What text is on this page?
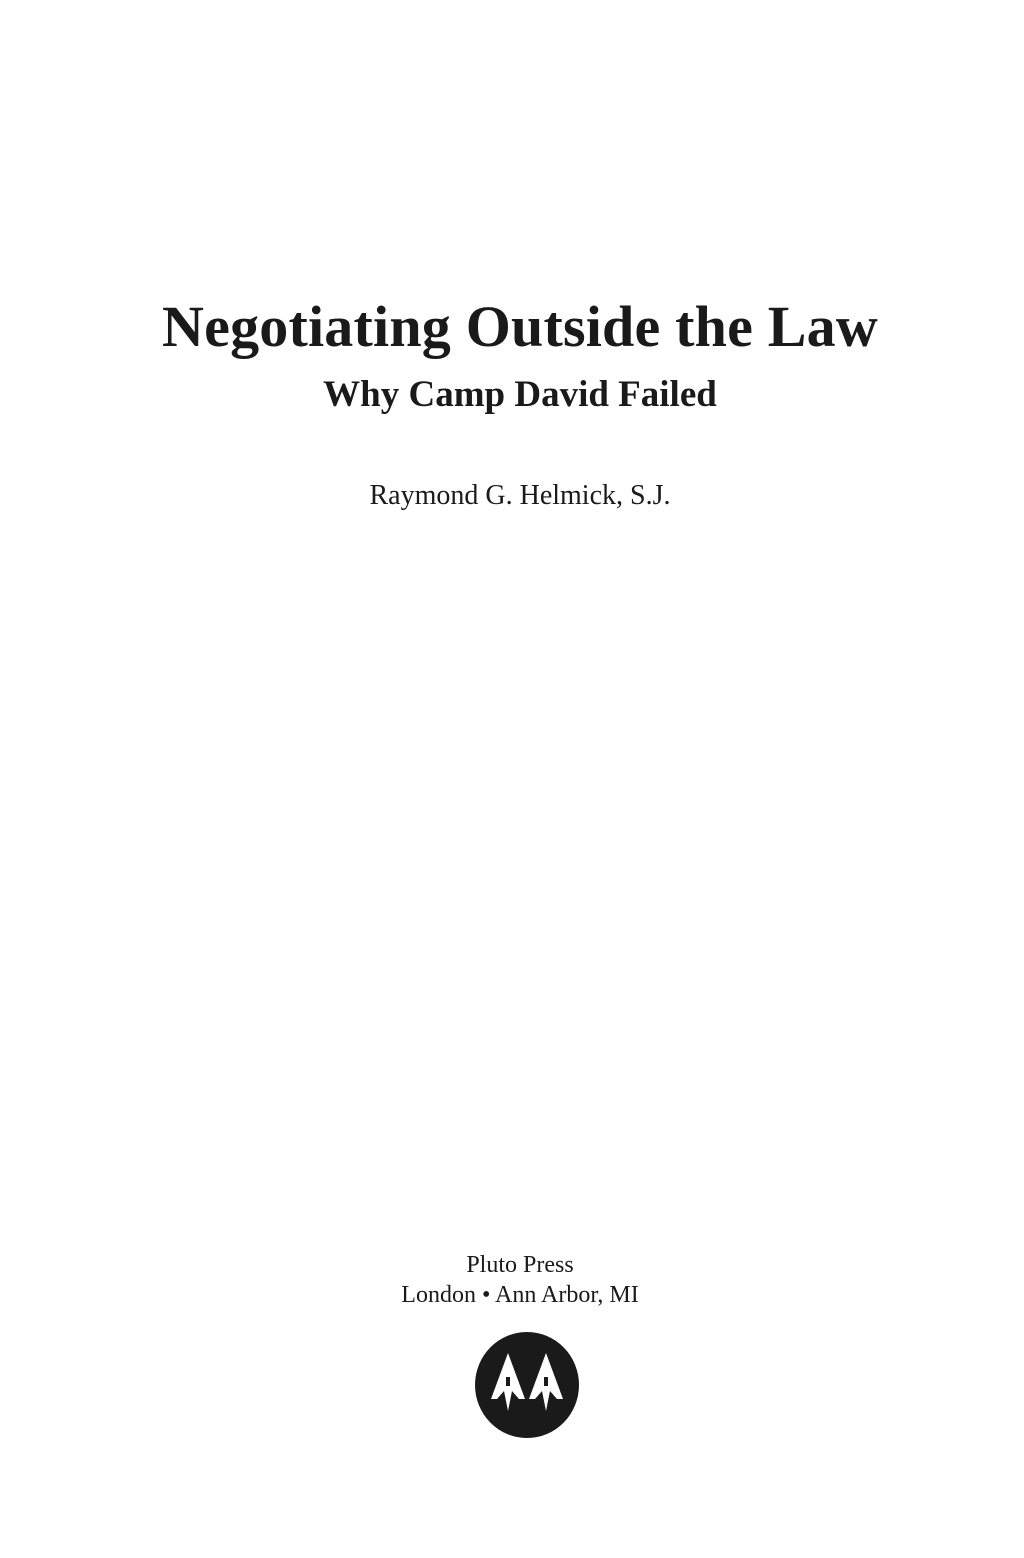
Negotiating Outside the Law
Why Camp David Failed
Raymond G. Helmick, S.J.
Pluto Press
London • Ann Arbor, MI
